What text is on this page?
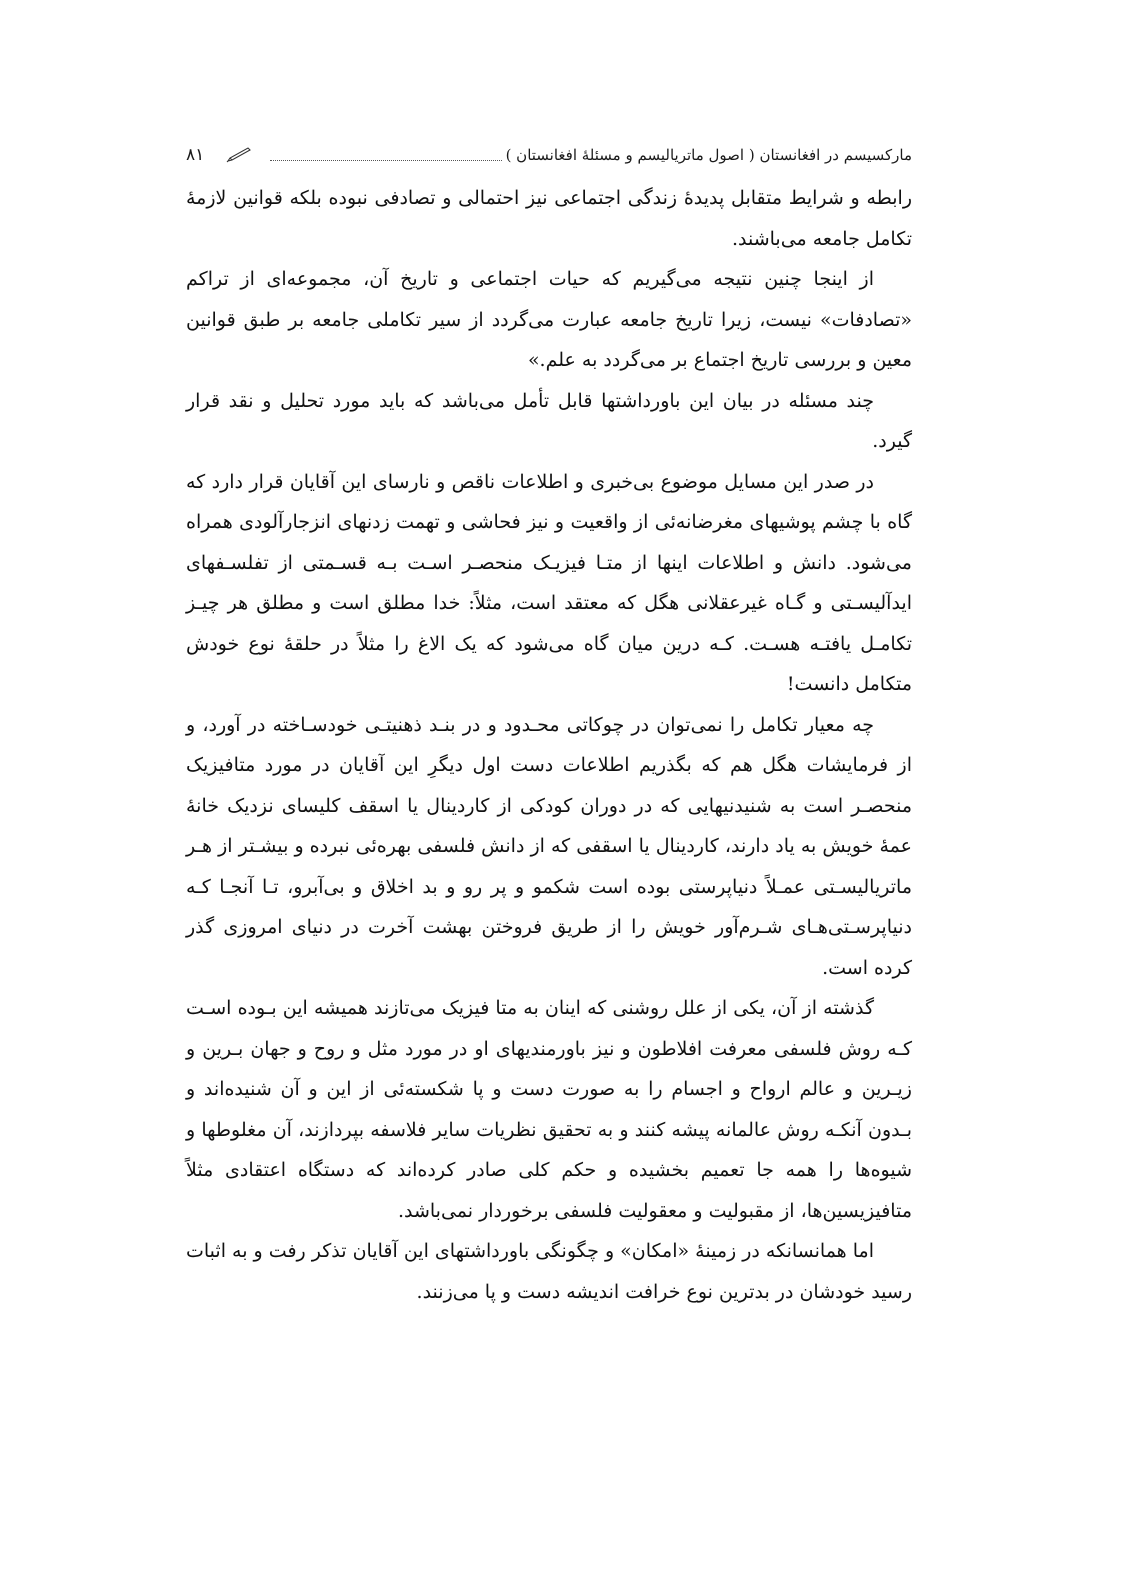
مارکسیسم در افغانستان ( اصول ماتریالیسم و مسئلهٔ افغانستان )
۸۱

رابطه و شرایط متقابل پدیدهٔ زندگی اجتماعی نیز احتمالی و تصادفی نبوده بلکه قوانین لازمهٔ تکامل جامعه می‌باشند.

از اینجا چنین نتیجه می‌گیریم که حیات اجتماعی و تاریخ آن، مجموعه‌ای از تراکم «تصادفات» نیست، زیرا تاریخ جامعه عبارت می‌گردد از سیر تکاملی جامعه بر طبق قوانین معین و بررسی تاریخ اجتماع بر می‌گردد به علم.»

چند مسئله در بیان این باورداشتها قابل تأمل می‌باشد که باید مورد تحلیل و نقد قرار گیرد.

در صدر این مسایل موضوع بی‌خبری و اطلاعات ناقص و نارسای این آقایان قرار دارد که گاه با چشم پوشیهای مغرضانه‌ئی از واقعیت و نیز فحاشی و تهمت زدنهای انزجارآلودی همراه می‌شود. دانش و اطلاعات اینها از متـا فیزیـک منحصـر اسـت بـه قسـمتی از تفلسـفهای ایدآلیسـتی و گـاه غیرعقلانی هگل که معتقد است، مثلاً: خدا مطلق است و مطلق هر چیـز تکامـل یافتـه هسـت. کـه درین میان گاه می‌شود که یک الاغ را مثلاً در حلقهٔ نوع خودش متکامل دانست!

چه معیار تکامل را نمی‌توان در چوکاتی محـدود و در بنـد ذهنیتـی خودسـاخته در آورد، و از فرمایشات هگل هم که بگذریم اطلاعات دست اول دیگرِ این آقایان در مورد متافیزیک منحصـر است به شنیدنیهایی که در دوران کودکی از کاردینال یا اسقف کلیسای نزدیک خانهٔ عمهٔ خویش به یاد دارند، کاردینال یا اسقفی که از دانش فلسفی بهره‌ئی نبرده و بیشـتر از هـر ماتریالیسـتی عمـلاً دنیاپرستی بوده است شکمو و پر رو و بد اخلاق و بی‌آبرو، تـا آنجـا کـه دنیاپرسـتی‌هـای شـرم‌آور خویش را از طریق فروختن بهشت آخرت در دنیای امروزی گذر کرده است.

گذشته از آن، یکی از علل روشنی که اینان به متا فیزیک می‌تازند همیشه این بـوده اسـت کـه روش فلسفی معرفت افلاطون و نیز باورمندیهای او در مورد مثل و روح و جهان بـرین و زیـرین و عالم ارواح و اجسام را به صورت دست و پا شکسته‌ئی از این و آن شنیده‌اند و بـدون آنکـه روش عالمانه پیشه کنند و به تحقیق نظریات سایر فلاسفه بپردازند، آن مغلوطها و شیوه‌ها را همه جا تعمیم بخشیده و حکم کلی صادر کرده‌اند که دستگاه اعتقادی مثلاً متافیزیسین‌ها، از مقبولیت و معقولیت فلسفی برخوردار نمی‌باشد.

اما همانسانکه در زمینهٔ «امکان» و چگونگی باورداشتهای این آقایان تذکر رفت و به اثبات رسید خودشان در بدترین نوع خرافت اندیشه دست و پا می‌زنند.
